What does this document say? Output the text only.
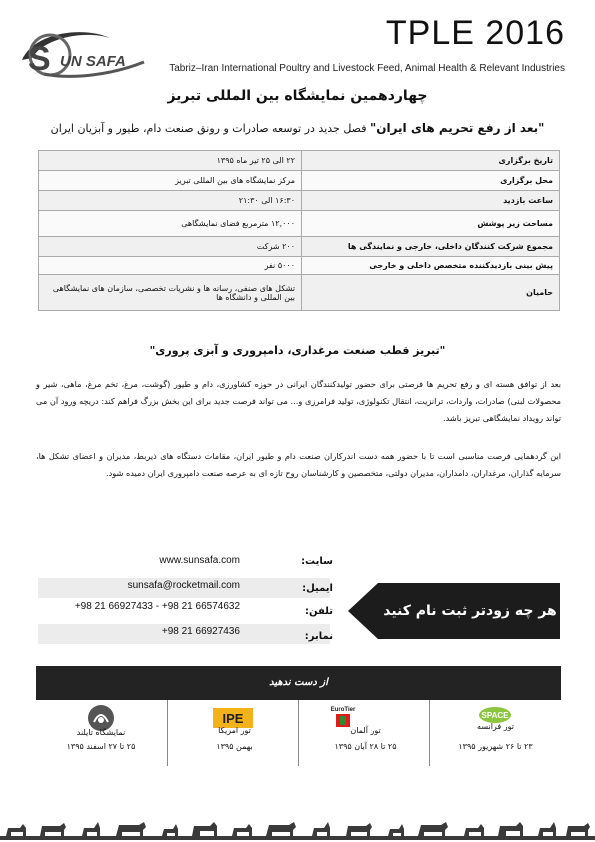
S UN SAFA
TPLE 2016
Tabriz–Iran International Poultry and Livestock Feed, Animal Health & Relevant Industries
چهاردهمین نمایشگاه بین المللی تبریز
"بعد از رفع تحریم های ایران" فصل جدید در توسعه صادرات و رونق صنعت دام، طیور و آبزیان ایران
تاریخ برگزاری	۲۲ الی ۲۵ تیر ماه ۱۳۹۵
محل برگزاری	مرکز نمایشگاه های بین المللی تبریز
ساعت بازدید	۱۶:۳۰ الی ۲۱:۳۰
مساحت زیر پوشش	۱۲,۰۰۰ مترمربع فضای نمایشگاهی
مجموع شرکت کنندگان داخلی، خارجی و نمایندگی ها	۲۰۰ شرکت
پیش بینی بازدیدکننده متخصص داخلی و خارجی	۵۰۰۰ نفر
حامیان	تشکل های صنفی، رسانه ها و نشریات تخصصی، سازمان های نمایشگاهی بین المللی و دانشگاه ها
"تبریز قطب صنعت مرغداری، دامپروری و آبزی پروری"
بعد از توافق هسته ای و رفع تحریم ها فرصتی برای حضور تولیدکنندگان ایرانی در حوزه کشاورزی، دام و طیور (گوشت، مرغ، تخم مرغ، ماهی، شیر و محصولات لبنی) صادرات، واردات، ترانزیت، انتقال تکنولوژی، تولید فرامرزی و... می تواند فرصت جدید برای این بخش بزرگ فراهم کند: دریچه ورود آن می تواند رویداد نمایشگاهی تبریز باشد.
این گردهمایی فرصت مناسبی است تا با حضور همه دست اندرکاران صنعت دام و طیور ایران، مقامات دستگاه های ذیربط، مدیران و اعضای تشکل ها، سرمایه گذاران، مرغداران، دامداران، مدیران دولتی، متخصصین و کارشناسان روح تازه ای به عرصه صنعت دامپروری ایران دمیده شود.
سایت:
www.sunsafa.com
ایمیل:
sunsafa@rocketmail.com
تلفن:
+98 21 66927433 - +98 21 66574632
نمابر:
+98 21 66927436
هر چه زودتر ثبت نام کنید
از دست ندهید
SPACE
تور فرانسه
۲۳ تا ۲۶ شهریور ۱۳۹۵
EuroTier
تور آلمان
۲۵ تا ۲۸ آبان ۱۳۹۵
IPE
تور امریکا
بهمن ۱۳۹۵
نمایشگاه تایلند
۲۵ تا ۲۷ اسفند ۱۳۹۵
